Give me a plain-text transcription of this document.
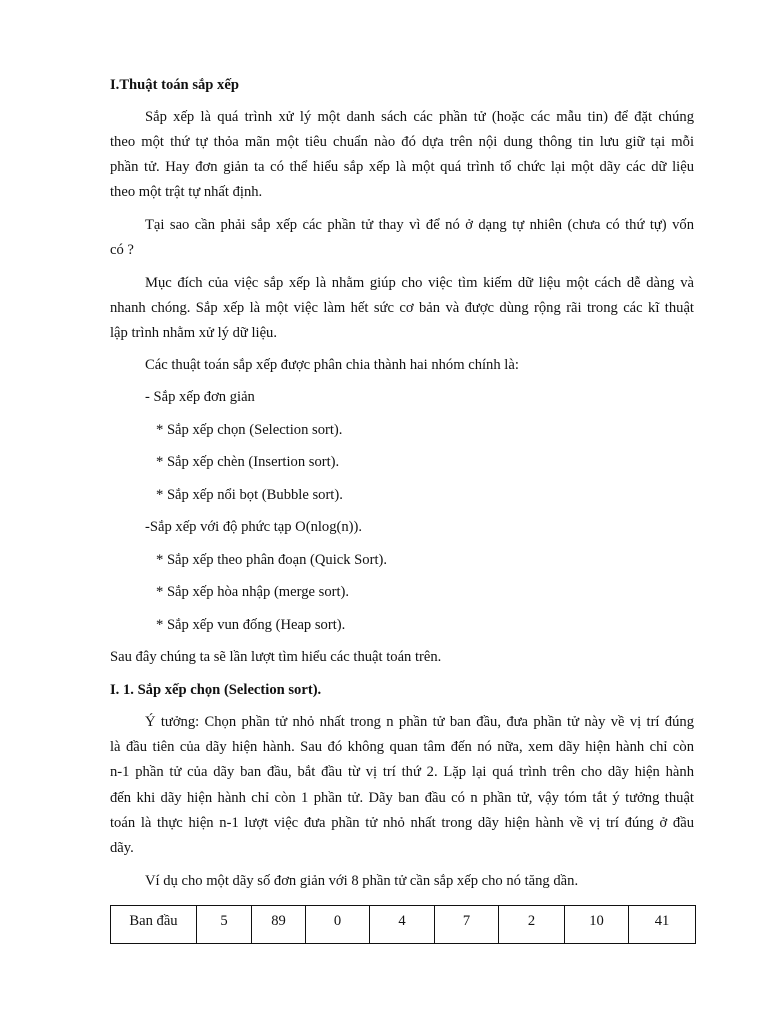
I.Thuật toán sắp xếp
Sắp xếp là quá trình xử lý một danh sách các phần tử (hoặc các mẫu tin) để đặt chúng
theo một thứ tự thỏa mãn một tiêu chuẩn nào đó dựa trên nội dung thông tin lưu giữ tại mỗi
phần tử. Hay đơn giản ta có thể hiểu sắp xếp là một quá trình tổ chức lại một dãy các dữ liệu
theo một trật tự nhất định.
Tại sao cần phải sắp xếp các phần tử thay vì để nó ở dạng tự nhiên (chưa có thứ tự) vốn
có ?
Mục đích của việc sắp xếp là nhằm giúp cho việc tìm kiếm dữ liệu một cách dễ dàng và
nhanh chóng. Sắp xếp là một việc làm hết sức cơ bản và được dùng rộng rãi trong các kĩ thuật
lập trình nhằm xử lý dữ liệu.
Các thuật toán sắp xếp được phân chia thành hai nhóm chính là:
- Sắp xếp đơn giản
* Sắp xếp chọn (Selection sort).
* Sắp xếp chèn (Insertion sort).
* Sắp xếp nổi bọt (Bubble sort).
-Sắp xếp với độ phức tạp O(nlog(n)).
* Sắp xếp theo phân đoạn (Quick Sort).
* Sắp xếp hòa nhập (merge sort).
* Sắp xếp vun đống (Heap sort).
Sau đây chúng ta sẽ lần lượt tìm hiểu các thuật toán trên.
I. 1. Sắp xếp chọn (Selection sort).
Ý tưởng: Chọn phần tử nhỏ nhất trong n phần tử ban đầu, đưa phần tử này về vị trí đúng
là đầu tiên của dãy hiện hành. Sau đó không quan tâm đến nó nữa, xem dãy hiện hành chỉ còn
n-1 phần tử của dãy ban đầu, bắt đầu từ vị trí thứ 2. Lặp lại quá trình trên cho dãy hiện hành
đến khi dãy hiện hành chỉ còn 1 phần tử. Dãy ban đầu có n phần tử, vậy tóm tắt ý tưởng thuật
toán là thực hiện n-1 lượt việc đưa phần tử nhỏ nhất trong dãy hiện hành về vị trí đúng ở đầu
dãy.
Ví dụ cho một dãy số đơn giản với 8 phần tử cần sắp xếp cho nó tăng dần.
Ban đầu	5	89	0	4	7	2	10	41
